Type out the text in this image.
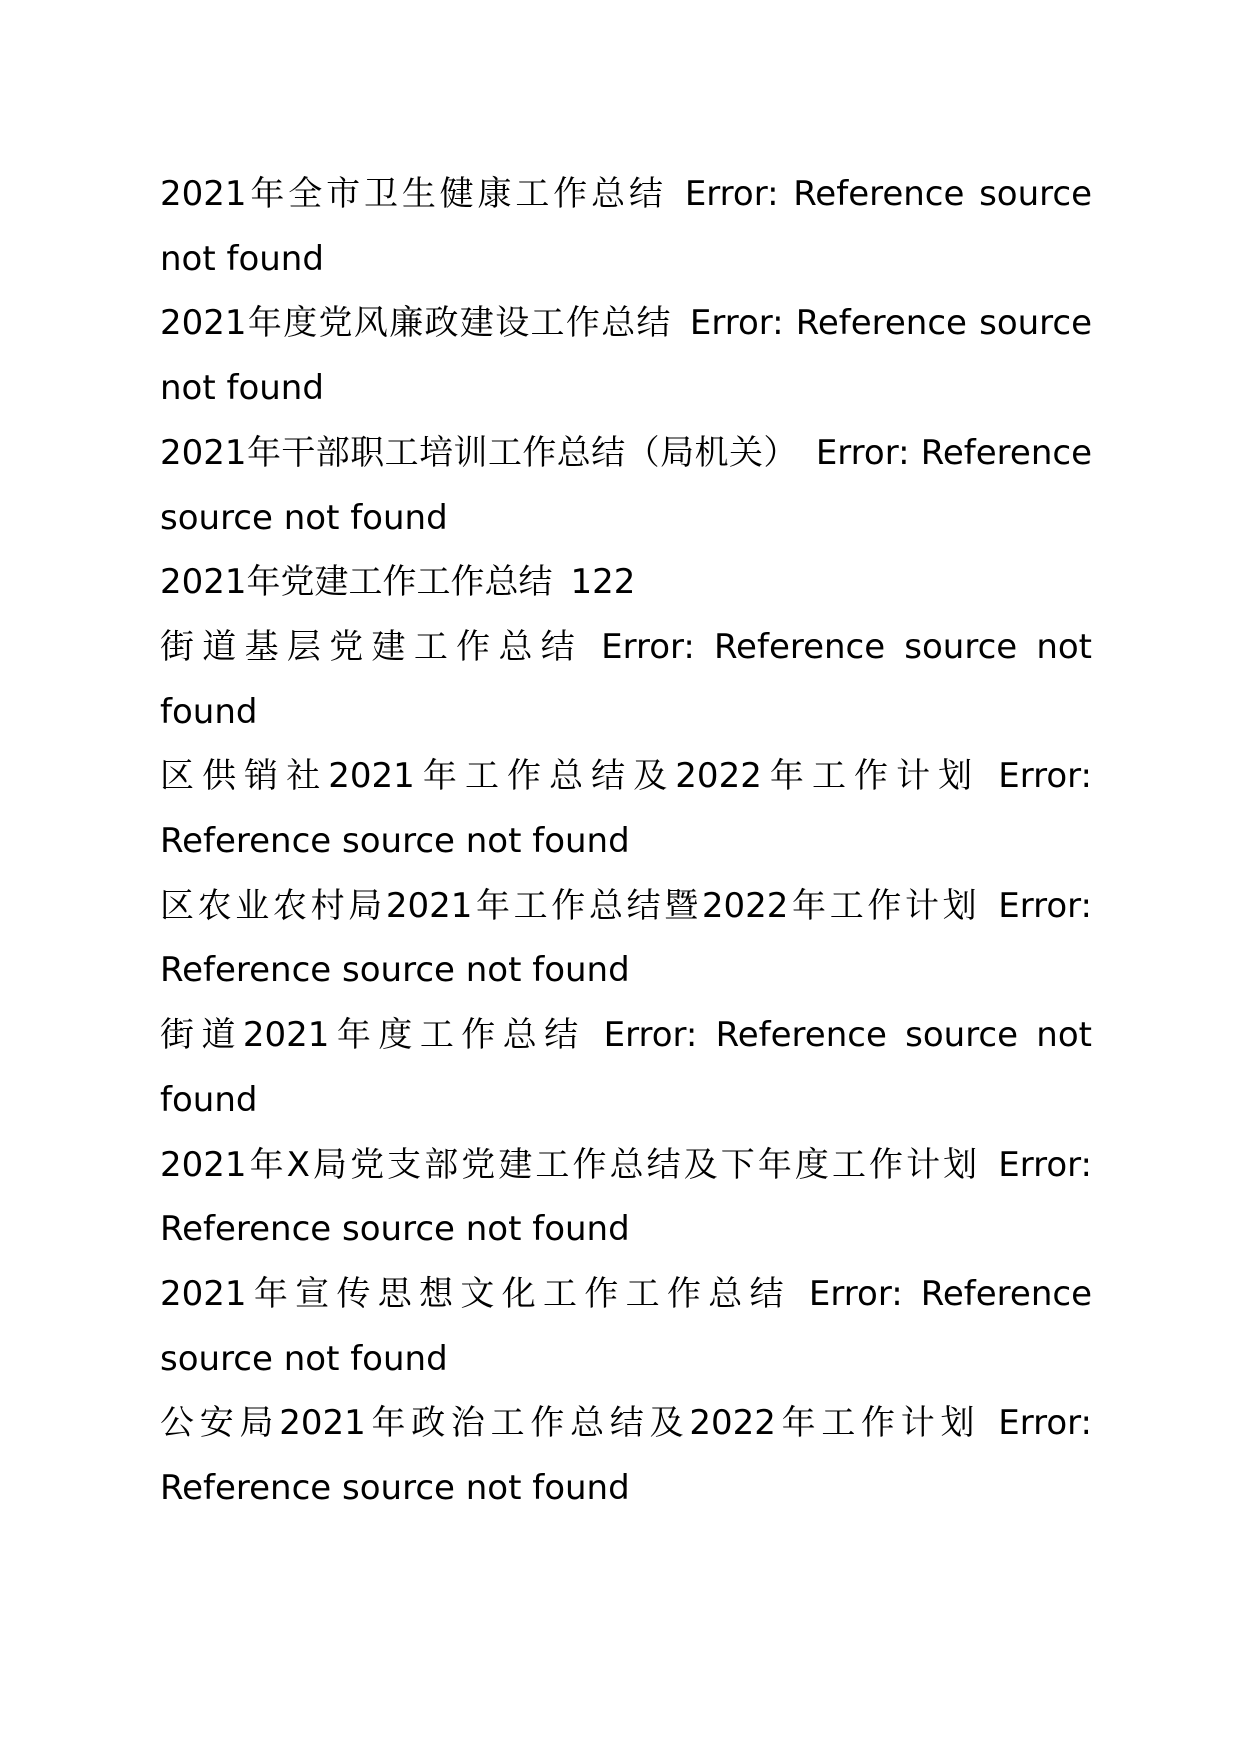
2021年全市卫生健康工作总结 Error: Reference source not found
2021年度党风廉政建设工作总结 Error: Reference source not found
2021年干部职工培训工作总结（局机关） Error: Reference source not found
2021年党建工作工作总结 122
街道基层党建工作总结 Error: Reference source not found
区供销社2021年工作总结及2022年工作计划 Error: Reference source not found
区农业农村局2021年工作总结暨2022年工作计划 Error: Reference source not found
街道2021年度工作总结 Error: Reference source not found
2021年X局党支部党建工作总结及下年度工作计划 Error: Reference source not found
2021年宣传思想文化工作工作总结 Error: Reference source not found
公安局2021年政治工作总结及2022年工作计划 Error: Reference source not found
